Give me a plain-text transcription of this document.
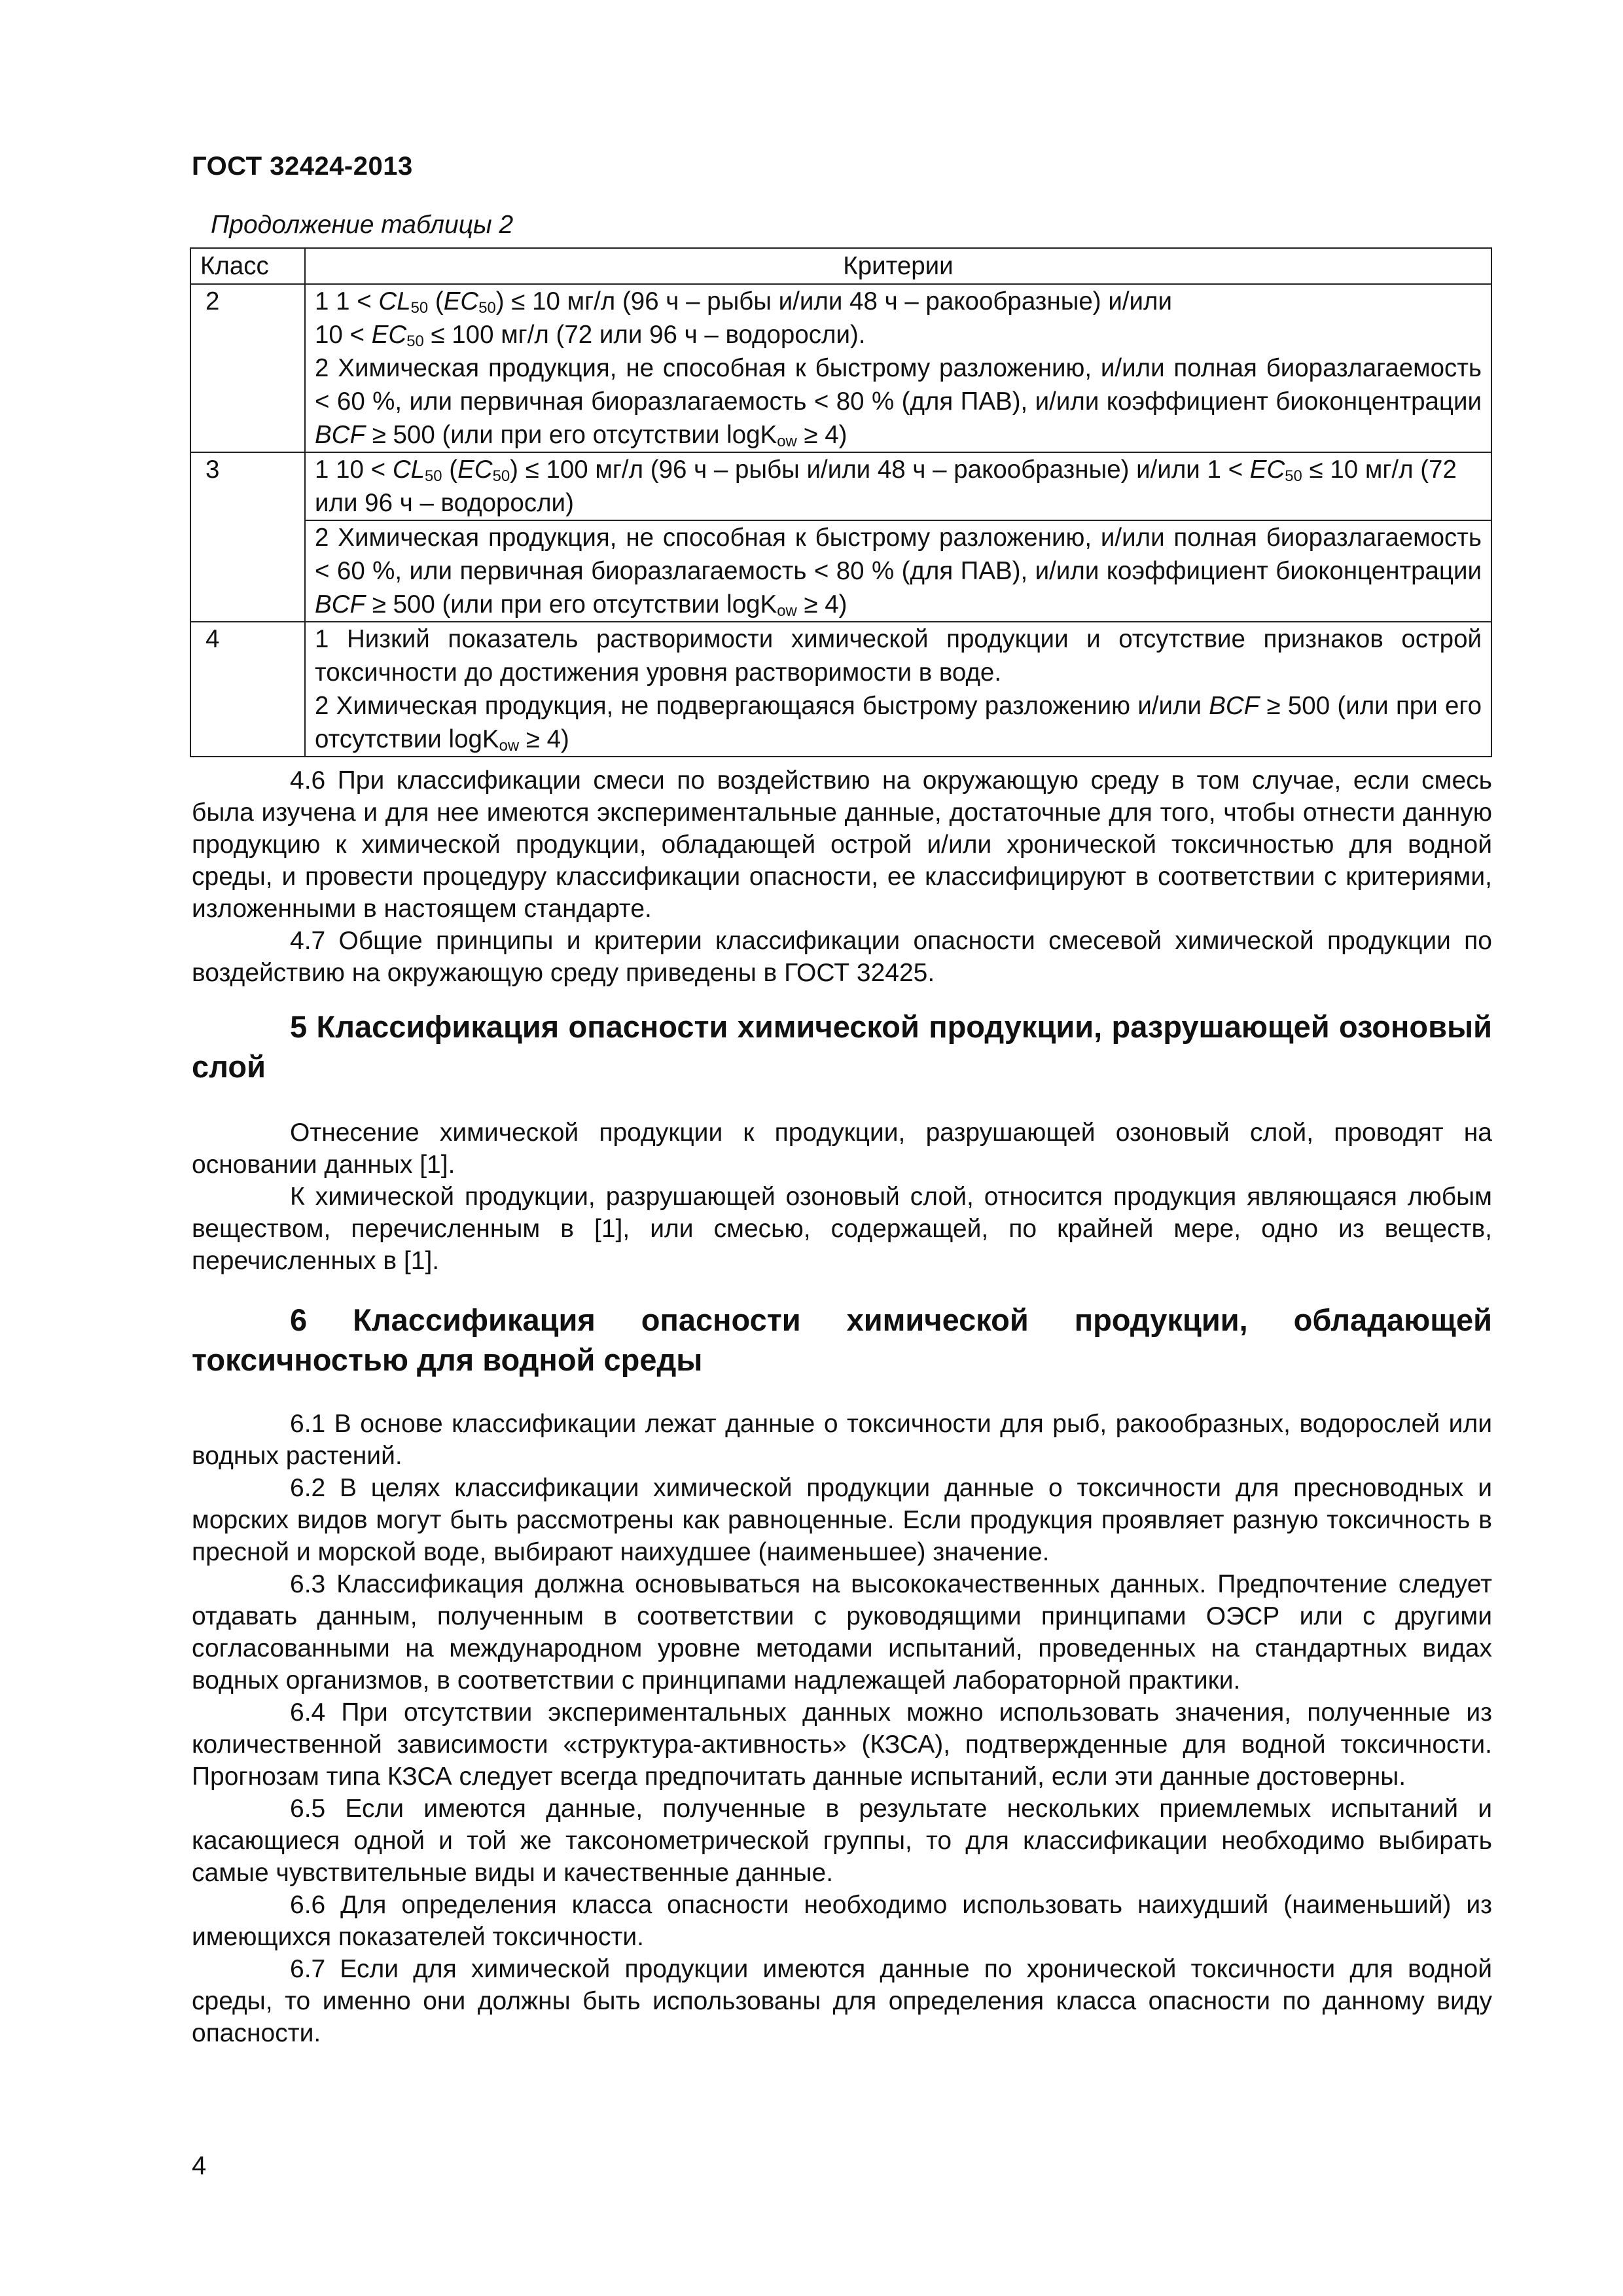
ГОСТ 32424-2013
Продолжение таблицы 2
Класс	Критерии
2	1 $1 < CL_{50}$ $(EC_{50}) \le 10$ мг/л (96 ч – рыбы и/или 48 ч – ракообразные) и/или
$10 < EC_{50} \le 100$ мг/л (72 или 96 ч – водоросли).
2 Химическая продукция, не способная к быстрому разложению, и/или полная биоразлагаемость < 60 %, или первичная биоразлагаемость < 80 % (для ПАВ), и/или коэффициент биоконцентрации BCF ≥ 500 (или при его отсутствии logK$_{ow}$ ≥ 4)

3	1 $10 < CL_{50}$ $(EC_{50}) \le 100$ мг/л (96 ч – рыбы и/или 48 ч – ракообразные) и/или $1 < EC_{50} \le 10$ мг/л (72 или 96 ч – водоросли)

	2 Химическая продукция, не способная к быстрому разложению, и/или полная биоразлагаемость < 60 %, или первичная биоразлагаемость < 80 % (для ПАВ), и/или коэффициент биоконцентрации BCF ≥ 500 (или при его отсутствии logK$_{ow}$ ≥ 4)

4	1 Низкий показатель растворимости химической продукции и отсутствие признаков острой токсичности до достижения уровня растворимости в воде.
2 Химическая продукция, не подвергающаяся быстрому разложению и/или BCF ≥ 500 (или при его отсутствии logK$_{ow}$ ≥ 4)

4.6 При классификации смеси по воздействию на окружающую среду в том случае, если смесь была изучена и для нее имеются экспериментальные данные, достаточные для того, чтобы отнести данную продукцию к химической продукции, обладающей острой и/или хронической токсичностью для водной среды, и провести процедуру классификации опасности, ее классифицируют в соответствии с критериями, изложенными в настоящем стандарте.

4.7 Общие принципы и критерии классификации опасности смесевой химической продукции по воздействию на окружающую среду приведены в ГОСТ 32425.

5 Классификация опасности химической продукции, разрушающей озоновый слой

Отнесение химической продукции к продукции, разрушающей озоновый слой, проводят на основании данных [1].

К химической продукции, разрушающей озоновый слой, относится продукция являющаяся любым веществом, перечисленным в [1], или смесью, содержащей, по крайней мере, одно из веществ, перечисленных в [1].

6 Классификация опасности химической продукции, обладающей токсичностью для водной среды

6.1 В основе классификации лежат данные о токсичности для рыб, ракообразных, водорослей или водных растений.

6.2 В целях классификации химической продукции данные о токсичности для пресноводных и морских видов могут быть рассмотрены как равноценные. Если продукция проявляет разную токсичность в пресной и морской воде, выбирают наихудшее (наименьшее) значение.

6.3 Классификация должна основываться на высококачественных данных. Предпочтение следует отдавать данным, полученным в соответствии с руководящими принципами ОЭСР или с другими согласованными на международном уровне методами испытаний, проведенных на стандартных видах водных организмов, в соответствии с принципами надлежащей лабораторной практики.

6.4 При отсутствии экспериментальных данных можно использовать значения, полученные из количественной зависимости «структура-активность» (КЗСА), подтвержденные для водной токсичности. Прогнозам типа КЗСА следует всегда предпочитать данные испытаний, если эти данные достоверны.

6.5 Если имеются данные, полученные в результате нескольких приемлемых испытаний и касающиеся одной и той же таксонометрической группы, то для классификации необходимо выбирать самые чувствительные виды и качественные данные.

6.6 Для определения класса опасности необходимо использовать наихудший (наименьший) из имеющихся показателей токсичности.

6.7 Если для химической продукции имеются данные по хронической токсичности для водной среды, то именно они должны быть использованы для определения класса опасности по данному виду опасности.

4
